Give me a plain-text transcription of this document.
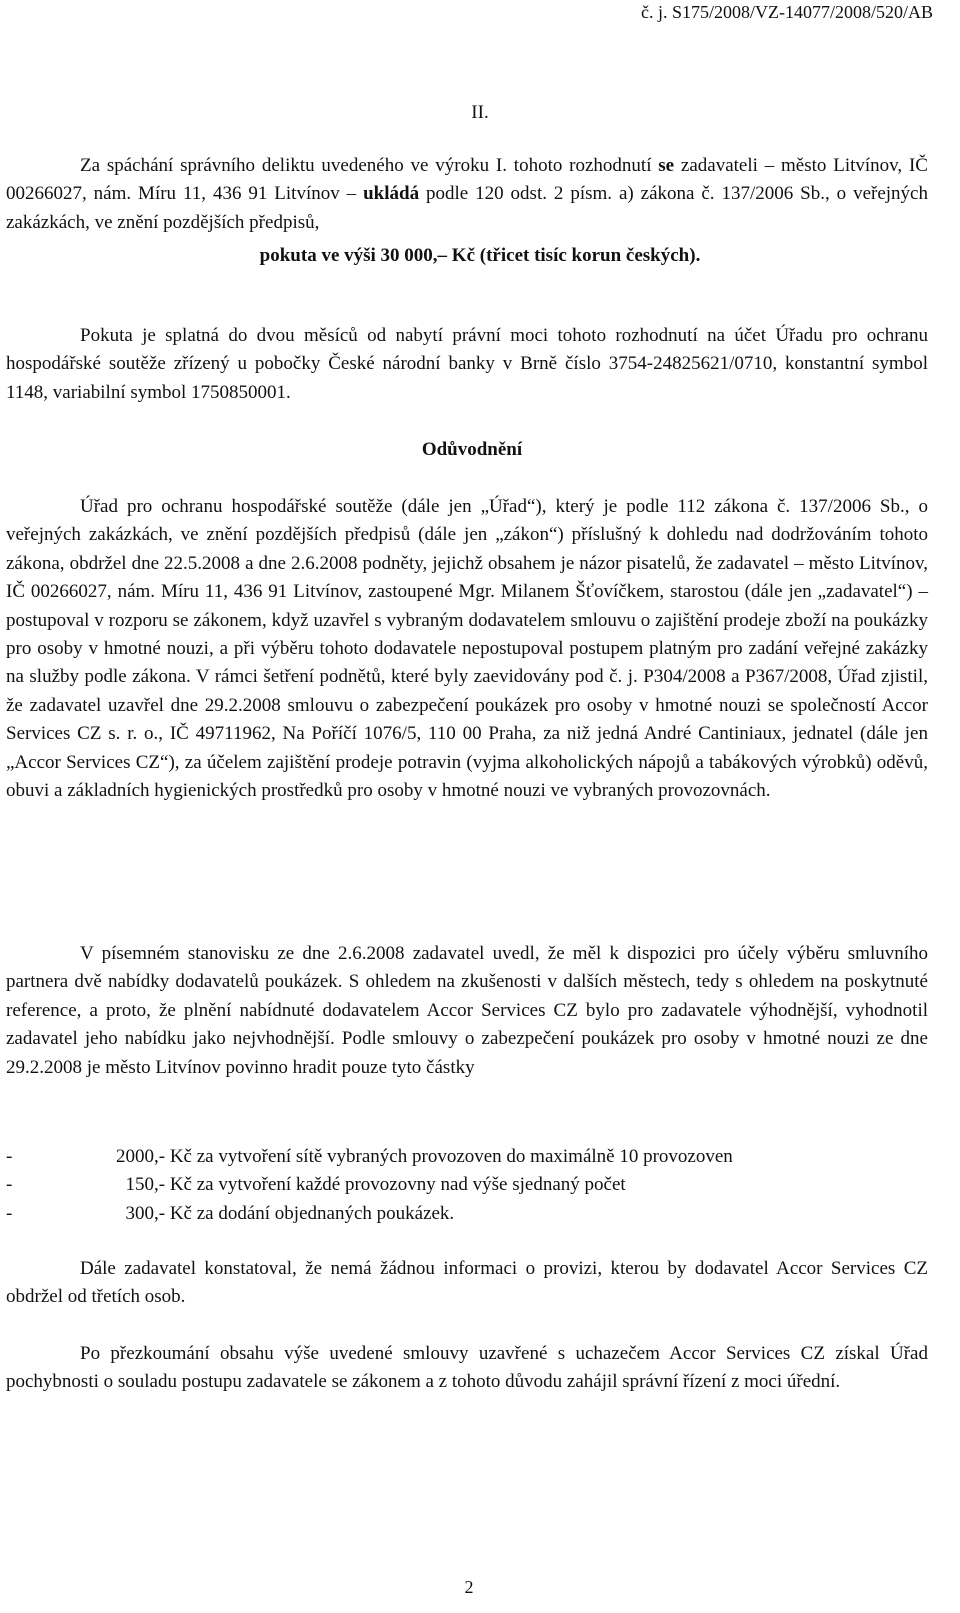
č. j. S175/2008/VZ-14077/2008/520/AB
II.

Za spáchání správního deliktu uvedeného ve výroku I. tohoto rozhodnutí se zadavateli – město Litvínov, IČ 00266027, nám. Míru 11, 436 91 Litvínov – ukládá podle 120 odst. 2 písm. a) zákona č. 137/2006 Sb., o veřejných zakázkách, ve znění pozdějších předpisů,

pokuta ve výši 30 000,– Kč (třicet tisíc korun českých).

Pokuta je splatná do dvou měsíců od nabytí právní moci tohoto rozhodnutí na účet Úřadu pro ochranu hospodářské soutěže zřízený u pobočky České národní banky v Brně číslo 3754-24825621/0710, konstantní symbol 1148, variabilní symbol 1750850001.

Odůvodnění

Úřad pro ochranu hospodářské soutěže (dále jen „Úřad“), který je podle 112 zákona č. 137/2006 Sb., o veřejných zakázkách, ve znění pozdějších předpisů (dále jen „zákon“) příslušný k dohledu nad dodržováním tohoto zákona, obdržel dne 22.5.2008 a dne 2.6.2008 podněty, jejichž obsahem je názor pisatelů, že zadavatel – město Litvínov, IČ 00266027, nám. Míru 11, 436 91 Litvínov, zastoupené Mgr. Milanem Šťovíčkem, starostou (dále jen „zadavatel“) – postupoval v rozporu se zákonem, když uzavřel s vybraným dodavatelem smlouvu o zajištění prodeje zboží na poukázky pro osoby v hmotné nouzi, a při výběru tohoto dodavatele nepostupoval postupem platným pro zadání veřejné zakázky na služby podle zákona. V rámci šetření podnětů, které byly zaevidovány pod č. j. P304/2008 a P367/2008, Úřad zjistil, že zadavatel uzavřel dne 29.2.2008 smlouvu o zabezpečení poukázek pro osoby v hmotné nouzi se společností Accor Services CZ s. r. o., IČ 49711962, Na Poříčí 1076/5, 110 00 Praha, za niž jedná André Cantiniaux, jednatel (dále jen „Accor Services CZ“), za účelem zajištění prodeje potravin (vyjma alkoholických nápojů a tabákových výrobků) oděvů, obuvi a základních hygienických prostředků pro osoby v hmotné nouzi ve vybraných provozovnách.

V písemném stanovisku ze dne 2.6.2008 zadavatel uvedl, že měl k dispozici pro účely výběru smluvního partnera dvě nabídky dodavatelů poukázek. S ohledem na zkušenosti v dalších městech, tedy s ohledem na poskytnuté reference, a proto, že plnění nabídnuté dodavatelem Accor Services CZ bylo pro zadavatele výhodnější, vyhodnotil zadavatel jeho nabídku jako nejvhodnější. Podle smlouvy o zabezpečení poukázek pro osoby v hmotné nouzi ze dne 29.2.2008 je město Litvínov povinno hradit pouze tyto částky

-	2000,- Kč za vytvoření sítě vybraných provozoven do maximálně 10 provozoven
-	150,- Kč za vytvoření každé provozovny nad výše sjednaný počet
-	300,- Kč za dodání objednaných poukázek.

Dále zadavatel konstatoval, že nemá žádnou informaci o provizi, kterou by dodavatel Accor Services CZ obdržel od třetích osob.

Po přezkoumání obsahu výše uvedené smlouvy uzavřené s uchazečem Accor Services CZ získal Úřad pochybnosti o souladu postupu zadavatele se zákonem a z tohoto důvodu zahájil správní řízení z moci úřední.

2
